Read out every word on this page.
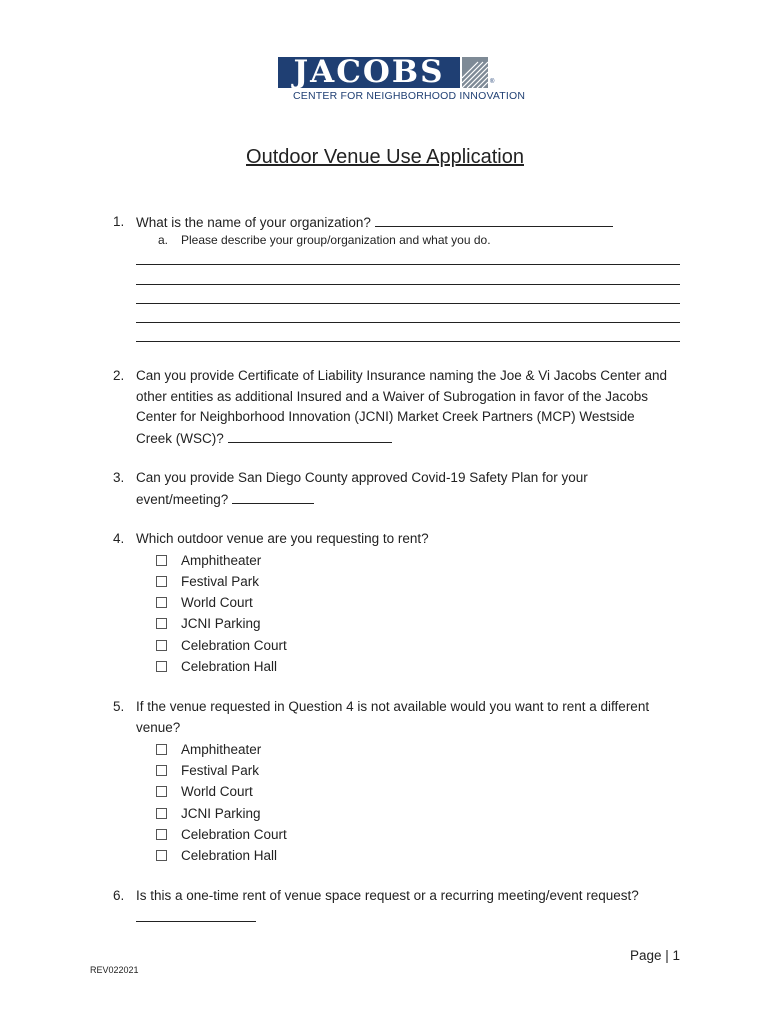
JACOBS	®
CENTER FOR NEIGHBORHOOD INNOVATION
Outdoor Venue Use Application
1. What is the name of your organization?
a. Please describe your group/organization and what you do.
2. Can you provide Certificate of Liability Insurance naming the Joe & Vi Jacobs Center and
other entities as additional Insured and a Waiver of Subrogation in favor of the Jacobs
Center for Neighborhood Innovation (JCNI) Market Creek Partners (MCP) Westside
Creek (WSC)?
3. Can you provide San Diego County approved Covid-19 Safety Plan for your
event/meeting?
4. Which outdoor venue are you requesting to rent?
Amphitheater
Festival Park
World Court
JCNI Parking
Celebration Court
Celebration Hall
5. If the venue requested in Question 4 is not available would you want to rent a different
venue?
Amphitheater
Festival Park
World Court
JCNI Parking
Celebration Court
Celebration Hall
6. Is this a one-time rent of venue space request or a recurring meeting/event request?
Page | 1
REV022021
